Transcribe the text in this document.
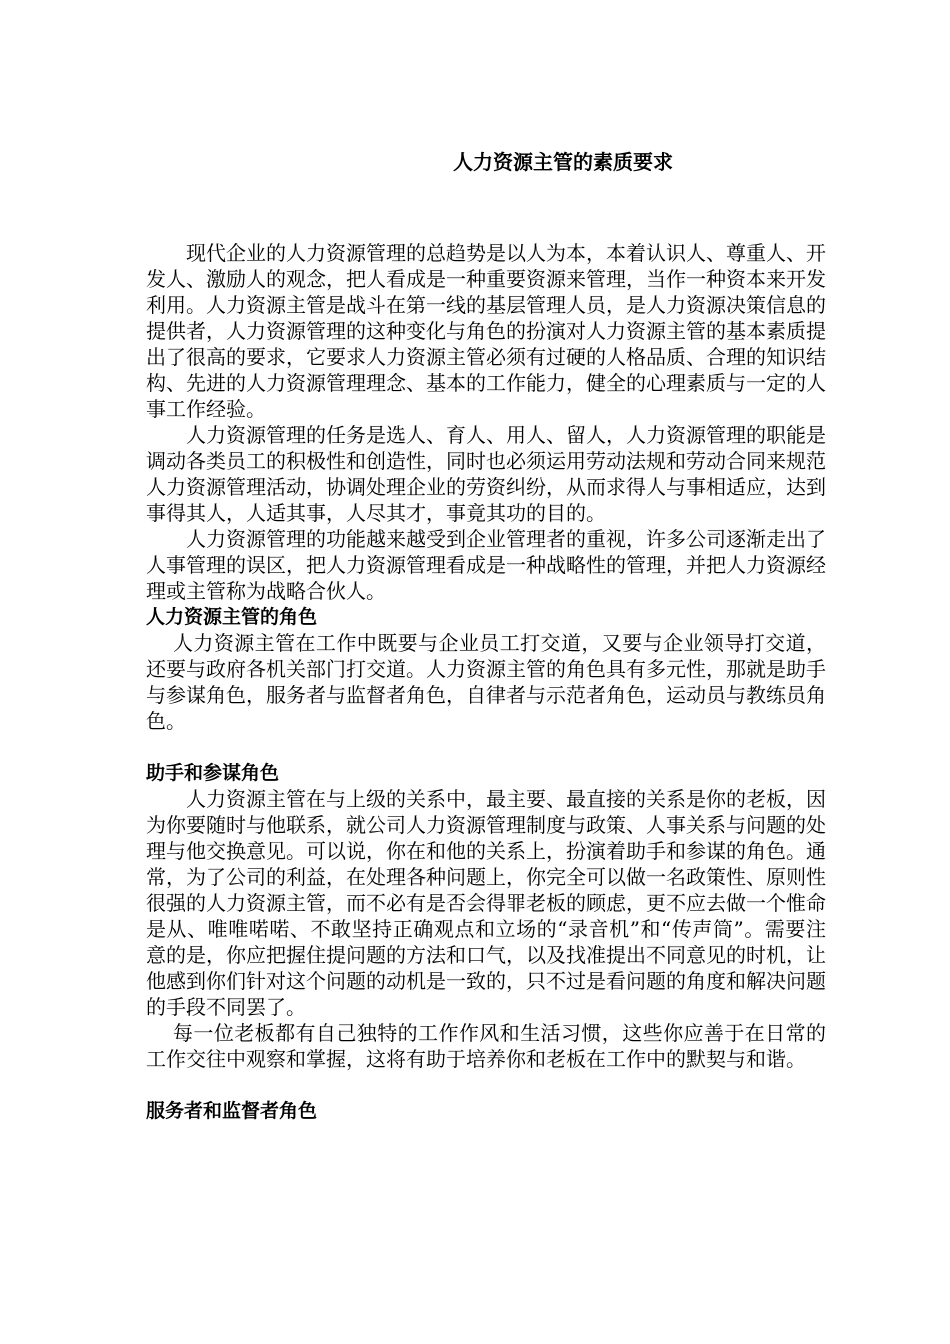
人力资源主管的素质要求

现代企业的人力资源管理的总趋势是以人为本，本着认识人、尊重人、开发人、激励人的观念，把人看成是一种重要资源来管理，当作一种资本来开发利用。人力资源主管是战斗在第一线的基层管理人员，是人力资源决策信息的提供者，人力资源管理的这种变化与角色的扮演对人力资源主管的基本素质提出了很高的要求，它要求人力资源主管必须有过硬的人格品质、合理的知识结构、先进的人力资源管理理念、基本的工作能力，健全的心理素质与一定的人事工作经验。

人力资源管理的任务是选人、育人、用人、留人，人力资源管理的职能是调动各类员工的积极性和创造性，同时也必须运用劳动法规和劳动合同来规范人力资源管理活动，协调处理企业的劳资纠纷，从而求得人与事相适应，达到事得其人，人适其事，人尽其才，事竟其功的目的。

人力资源管理的功能越来越受到企业管理者的重视，许多公司逐渐走出了人事管理的误区，把人力资源管理看成是一种战略性的管理，并把人力资源经理或主管称为战略合伙人。

人力资源主管的角色

人力资源主管在工作中既要与企业员工打交道，又要与企业领导打交道，还要与政府各机关部门打交道。人力资源主管的角色具有多元性，那就是助手与参谋角色，服务者与监督者角色，自律者与示范者角色，运动员与教练员角色。

助手和参谋角色

人力资源主管在与上级的关系中，最主要、最直接的关系是你的老板，因为你要随时与他联系，就公司人力资源管理制度与政策、人事关系与问题的处理与他交换意见。可以说，你在和他的关系上，扮演着助手和参谋的角色。通常，为了公司的利益，在处理各种问题上，你完全可以做一名政策性、原则性很强的人力资源主管，而不必有是否会得罪老板的顾虑，更不应去做一个惟命是从、唯唯喏喏、不敢坚持正确观点和立场的“录音机”和“传声筒”。需要注意的是，你应把握住提问题的方法和口气，以及找准提出不同意见的时机，让他感到你们针对这个问题的动机是一致的，只不过是看问题的角度和解决问题的手段不同罢了。

每一位老板都有自己独特的工作作风和生活习惯，这些你应善于在日常的工作交往中观察和掌握，这将有助于培养你和老板在工作中的默契与和谐。

服务者和监督者角色
